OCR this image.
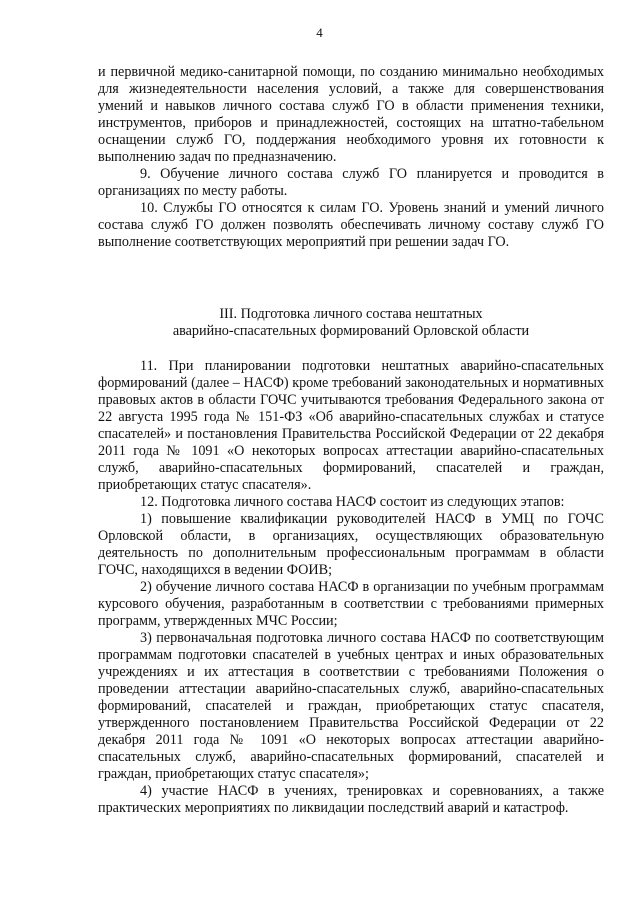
4

и первичной медико-санитарной помощи, по созданию минимально необходимых для жизнедеятельности населения условий, а также для совершенствования умений и навыков личного состава служб ГО в области применения техники, инструментов, приборов и принадлежностей, состоящих на штатно-табельном оснащении служб ГО, поддержания необходимого уровня их готовности к выполнению задач по предназначению.

9. Обучение личного состава служб ГО планируется и проводится в организациях по месту работы.

10. Службы ГО относятся к силам ГО. Уровень знаний и умений личного состава служб ГО должен позволять обеспечивать личному составу служб ГО выполнение соответствующих мероприятий при решении задач ГО.

III. Подготовка личного состава нештатных

аварийно-спасательных формирований Орловской области

11. При планировании подготовки нештатных аварийно-спасательных формирований (далее – НАСФ) кроме требований законодательных и нормативных правовых актов в области ГОЧС учитываются требования Федерального закона от 22 августа 1995 года № 151-ФЗ «Об аварийно-спасательных службах и статусе спасателей» и постановления Правительства Российской Федерации от 22 декабря 2011 года № 1091 «О некоторых вопросах аттестации аварийно-спасательных служб, аварийно-спасательных формирований, спасателей и граждан, приобретающих статус спасателя».

12. Подготовка личного состава НАСФ состоит из следующих этапов:

1) повышение квалификации руководителей НАСФ в УМЦ по ГОЧС Орловской области, в организациях, осуществляющих образовательную деятельность по дополнительным профессиональным программам в области ГОЧС, находящихся в ведении ФОИВ;

2) обучение личного состава НАСФ в организации по учебным программам курсового обучения, разработанным в соответствии с требованиями примерных программ, утвержденных МЧС России;

3) первоначальная подготовка личного состава НАСФ по соответствующим программам подготовки спасателей в учебных центрах и иных образовательных учреждениях и их аттестация в соответствии с требованиями Положения о проведении аттестации аварийно-спасательных служб, аварийно-спасательных формирований, спасателей и граждан, приобретающих статус спасателя, утвержденного постановлением Правительства Российской Федерации от 22 декабря 2011 года № 1091 «О некоторых вопросах аттестации аварийно-спасательных служб, аварийно-спасательных формирований, спасателей и граждан, приобретающих статус спасателя»;

4) участие НАСФ в учениях, тренировках и соревнованиях, а также практических мероприятиях по ликвидации последствий аварий и катастроф.
